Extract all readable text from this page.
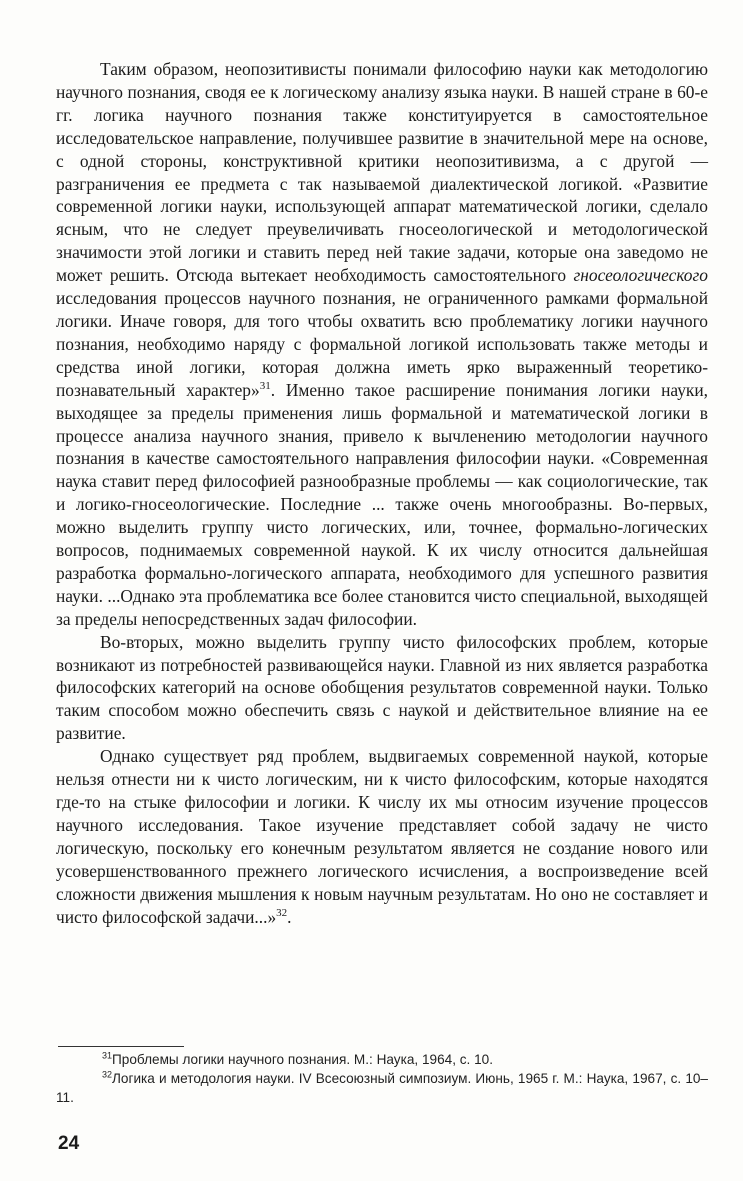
Таким образом, неопозитивисты понимали философию науки как методологию научного познания, сводя ее к логическому анализу языка науки. В нашей стране в 60-е гг. логика научного познания также конституируется в самостоятельное исследовательское направление, получившее развитие в значительной мере на основе, с одной стороны, конструктивной критики неопозитивизма, а с другой — разграничения ее предмета с так называемой диалектической логикой. «Развитие современной логики науки, использующей аппарат математической логики, сделало ясным, что не следует преувеличивать гносеологической и методологической значимости этой логики и ставить перед ней такие задачи, которые она заведомо не может решить. Отсюда вытекает необходимость самостоятельного гносеологического исследования процессов научного познания, не ограниченного рамками формальной логики. Иначе говоря, для того чтобы охватить всю проблематику логики научного познания, необходимо наряду с формальной логикой использовать также методы и средства иной логики, которая должна иметь ярко выраженный теоретико-познавательный характер»$^{31}$. Именно такое расширение понимания логики науки, выходящее за пределы применения лишь формальной и математической логики в процессе анализа научного знания, привело к вычленению методологии научного познания в качестве самостоятельного направления философии науки. «Современная наука ставит перед философией разнообразные проблемы — как социологические, так и логико-гносеологические. Последние ... также очень многообразны. Во-первых, можно выделить группу чисто логических, или, точнее, формально-логических вопросов, поднимаемых современной наукой. К их числу относится дальнейшая разработка формально-логического аппарата, необходимого для успешного развития науки. ...Однако эта проблематика все более становится чисто специальной, выходящей за пределы непосредственных задач философии.

Во-вторых, можно выделить группу чисто философских проблем, которые возникают из потребностей развивающейся науки. Главной из них является разработка философских категорий на основе обобщения результатов современной науки. Только таким способом можно обеспечить связь с наукой и действительное влияние на ее развитие.

Однако существует ряд проблем, выдвигаемых современной наукой, которые нельзя отнести ни к чисто логическим, ни к чисто философским, которые находятся где-то на стыке философии и логики. К числу их мы относим изучение процессов научного исследования. Такое изучение представляет собой задачу не чисто логическую, поскольку его конечным результатом является не создание нового или усовершенствованного прежнего логического исчисления, а воспроизведение всей сложности движения мышления к новым научным результатам. Но оно не составляет и чисто философской задачи...»$^{32}$.

$^{31}$Проблемы логики научного познания. М.: Наука, 1964, с. 10.
$^{32}$Логика и методология науки. IV Всесоюзный симпозиум. Июнь, 1965 г. М.: Наука, 1967, с. 10–11.
24
